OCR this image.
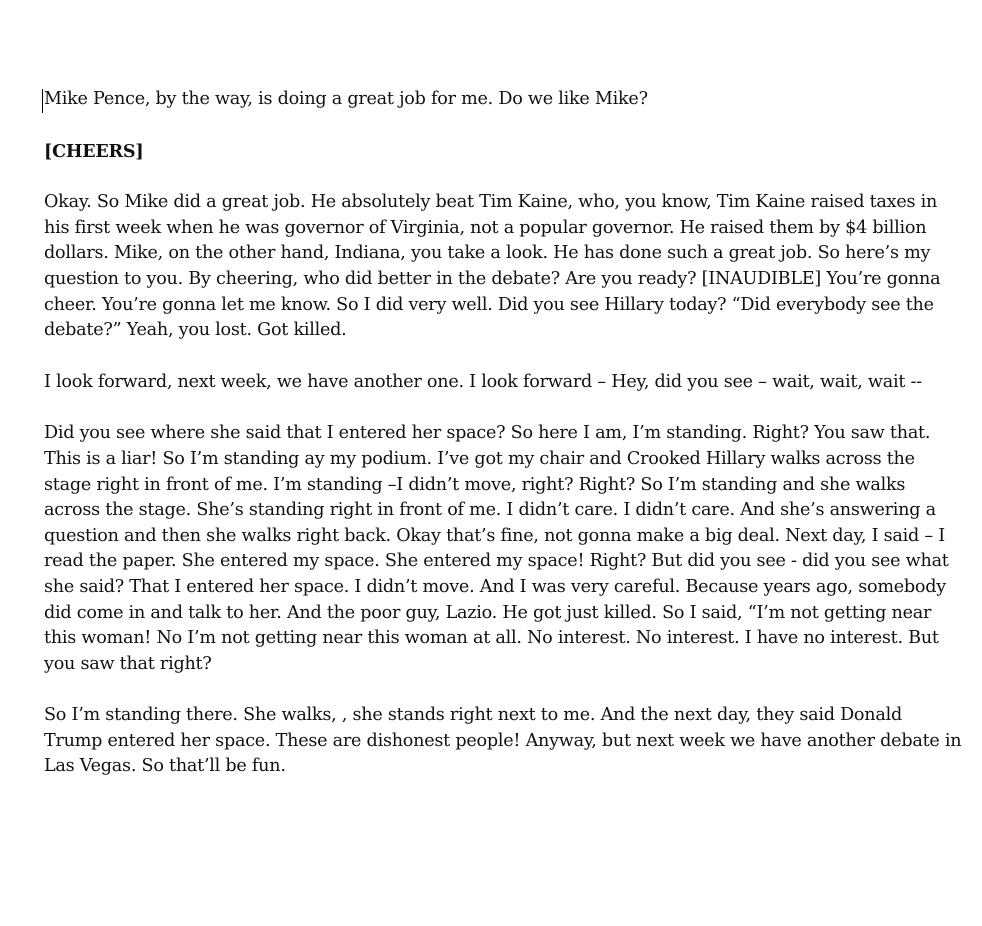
Mike Pence, by the way, is doing a great job for me. Do we like Mike?

[CHEERS]

Okay. So Mike did a great job. He absolutely beat Tim Kaine, who, you know, Tim Kaine raised taxes in his first week when he was governor of Virginia, not a popular governor. He raised them by $4 billion dollars. Mike, on the other hand, Indiana, you take a look. He has done such a great job. So here’s my question to you. By cheering, who did better in the debate? Are you ready? [INAUDIBLE] You’re gonna cheer. You’re gonna let me know. So I did very well. Did you see Hillary today? “Did everybody see the debate?” Yeah, you lost. Got killed.

I look forward, next week, we have another one. I look forward – Hey, did you see – wait, wait, wait --

Did you see where she said that I entered her space? So here I am, I’m standing. Right? You saw that. This is a liar! So I’m standing ay my podium. I’ve got my chair and Crooked Hillary walks across the stage right in front of me. I’m standing –I didn’t move, right? Right? So I’m standing and she walks across the stage. She’s standing right in front of me. I didn’t care. I didn’t care. And she’s answering a question and then she walks right back. Okay that’s fine, not gonna make a big deal. Next day, I said – I read the paper. She entered my space. She entered my space! Right? But did you see - did you see what she said? That I entered her space. I didn’t move. And I was very careful. Because years ago, somebody did come in and talk to her. And the poor guy, Lazio. He got just killed. So I said, “I’m not getting near this woman! No I’m not getting near this woman at all. No interest. No interest. I have no interest. But you saw that right?

So I’m standing there. She walks, , she stands right next to me. And the next day, they said Donald Trump entered her space. These are dishonest people! Anyway, but next week we have another debate in Las Vegas. So that’ll be fun.
